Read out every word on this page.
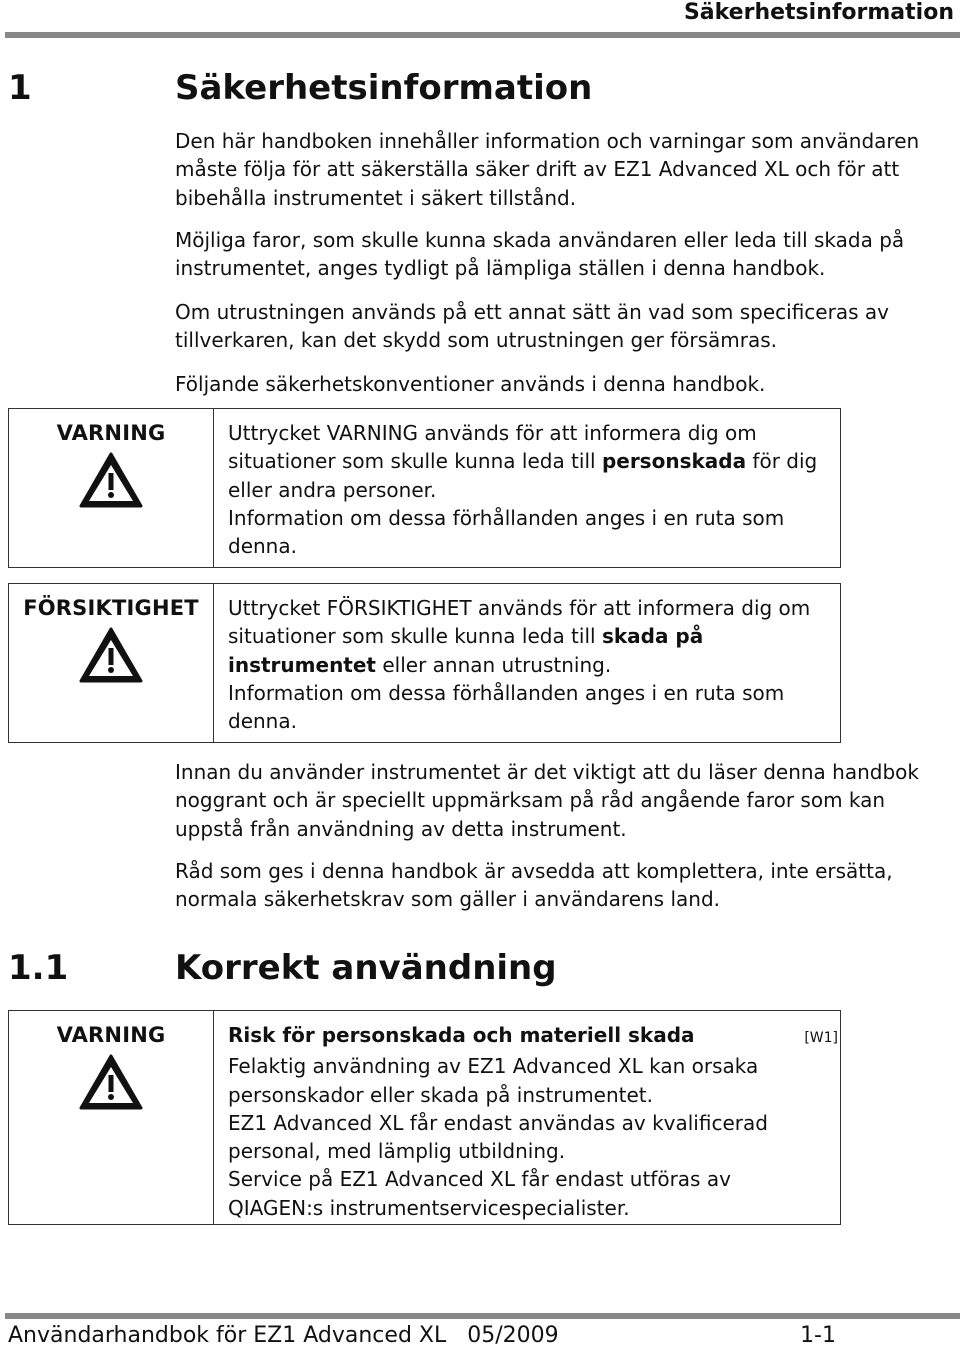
Säkerhetsinformation
1	Säkerhetsinformation

Den här handboken innehåller information och varningar som användaren måste följa för att säkerställa säker drift av EZ1 Advanced XL och för att bibehålla instrumentet i säkert tillstånd.

Möjliga faror, som skulle kunna skada användaren eller leda till skada på instrumentet, anges tydligt på lämpliga ställen i denna handbok.

Om utrustningen används på ett annat sätt än vad som specificeras av tillverkaren, kan det skydd som utrustningen ger försämras.

Följande säkerhetskonventioner används i denna handbok.

VARNING	Uttrycket VARNING används för att informera dig om situationer som skulle kunna leda till personskada för dig eller andra personer.

Information om dessa förhållanden anges i en ruta som denna.

FÖRSIKTIGHET Uttrycket FÖRSIKTIGHET används för att informera dig om situationer som skulle kunna leda till skada på instrumentet eller annan utrustning.

Information om dessa förhållanden anges i en ruta som denna.

Innan du använder instrumentet är det viktigt att du läser denna handbok noggrant och är speciellt uppmärksam på råd angående faror som kan uppstå från användning av detta instrument.

Råd som ges i denna handbok är avsedda att komplettera, inte ersätta, normala säkerhetskrav som gäller i användarens land.

1.1	Korrekt användning
VARNING	Risk för personskada och materiell skada	[W1]

Felaktig användning av EZ1 Advanced XL kan orsaka personskador eller skada på instrumentet.

EZ1 Advanced XL får endast användas av kvalificerad personal, med lämplig utbildning.

Service på EZ1 Advanced XL får endast utföras av QIAGEN:s instrumentservicespecialister.

Användarhandbok för EZ1 Advanced XL   05/2009	1-1
